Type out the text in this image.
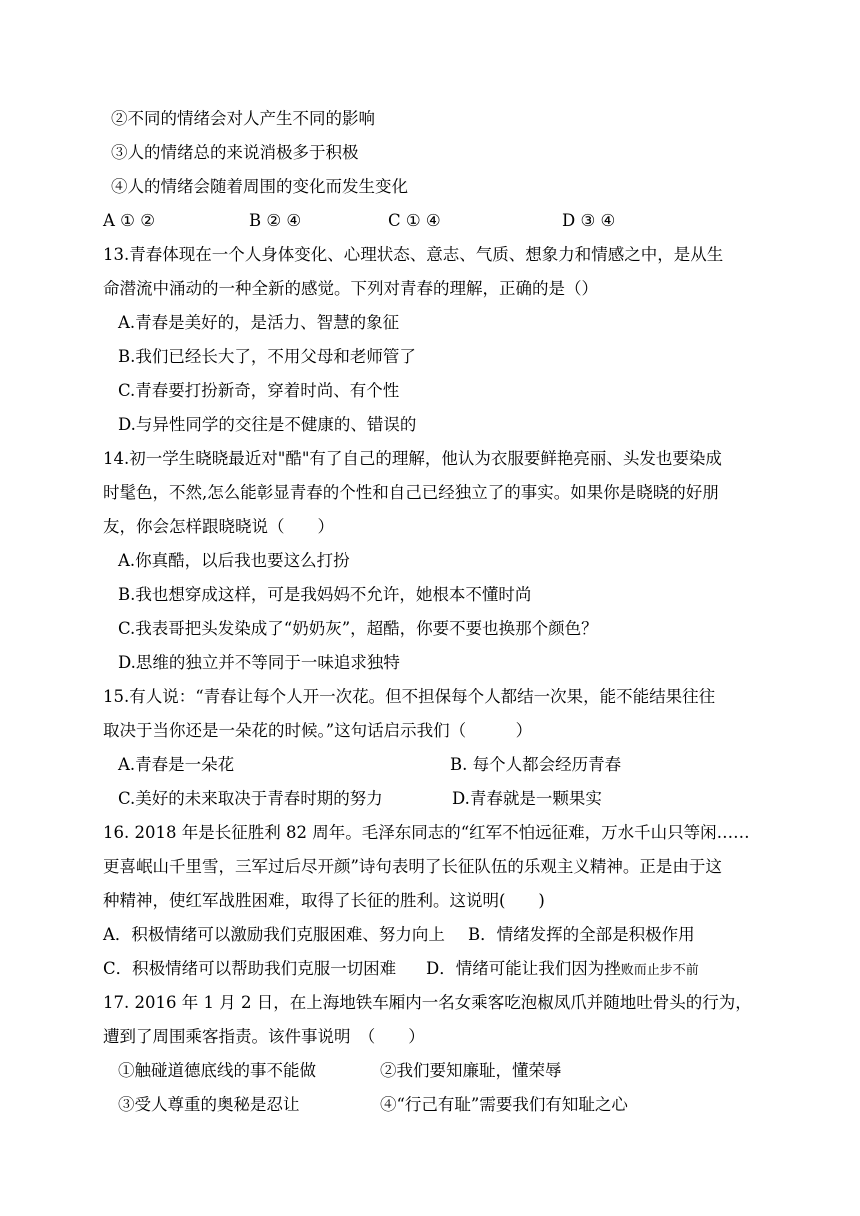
②不同的情绪会对人产生不同的影响
③人的情绪总的来说消极多于积极
④人的情绪会随着周围的变化而发生变化
A ① ②	B ② ④	C ① ④	D ③ ④
13.青春体现在一个人身体变化、心理状态、意志、气质、想象力和情感之中，是从生
命潜流中涌动的一种全新的感觉。下列对青春的理解，正确的是（）
A.青春是美好的，是活力、智慧的象征
B.我们已经长大了，不用父母和老师管了
C.青春要打扮新奇，穿着时尚、有个性
D.与异性同学的交往是不健康的、错误的
14.初一学生晓晓最近对"酷"有了自己的理解，他认为衣服要鲜艳亮丽、头发也要染成
时髦色，不然,怎么能彰显青春的个性和自己已经独立了的事实。如果你是晓晓的好朋
友，你会怎样跟晓晓说（　　）
A.你真酷，以后我也要这么打扮
B.我也想穿成这样，可是我妈妈不允许，她根本不懂时尚
C.我表哥把头发染成了“奶奶灰”，超酷，你要不要也换那个颜色？
D.思维的独立并不等同于一味追求独特
15.有人说：“青春让每个人开一次花。但不担保每个人都结一次果，能不能结果往往
取决于当你还是一朵花的时候。”这句话启示我们（　　　）
A.青春是一朵花	B. 每个人都会经历青春
C.美好的未来取决于青春时期的努力	D.青春就是一颗果实
16. 2018 年是长征胜利 82 周年。毛泽东同志的“红军不怕远征难，万水千山只等闲……
更喜岷山千里雪，三军过后尽开颜”诗句表明了长征队伍的乐观主义精神。正是由于这
种精神，使红军战胜困难，取得了长征的胜利。这说明(　　)
A．积极情绪可以激励我们克服困难、努力向上 B．情绪发挥的全部是积极作用
C．积极情绪可以帮助我们克服一切困难 D．情绪可能让我们因为挫败而止步不前
17. 2016 年 1 月 2 日，在上海地铁车厢内一名女乘客吃泡椒凤爪并随地吐骨头的行为，
遭到了周围乘客指责。该件事说明　（　　）
①触碰道德底线的事不能做	②我们要知廉耻，懂荣辱
③受人尊重的奥秘是忍让	④“行己有耻”需要我们有知耻之心
